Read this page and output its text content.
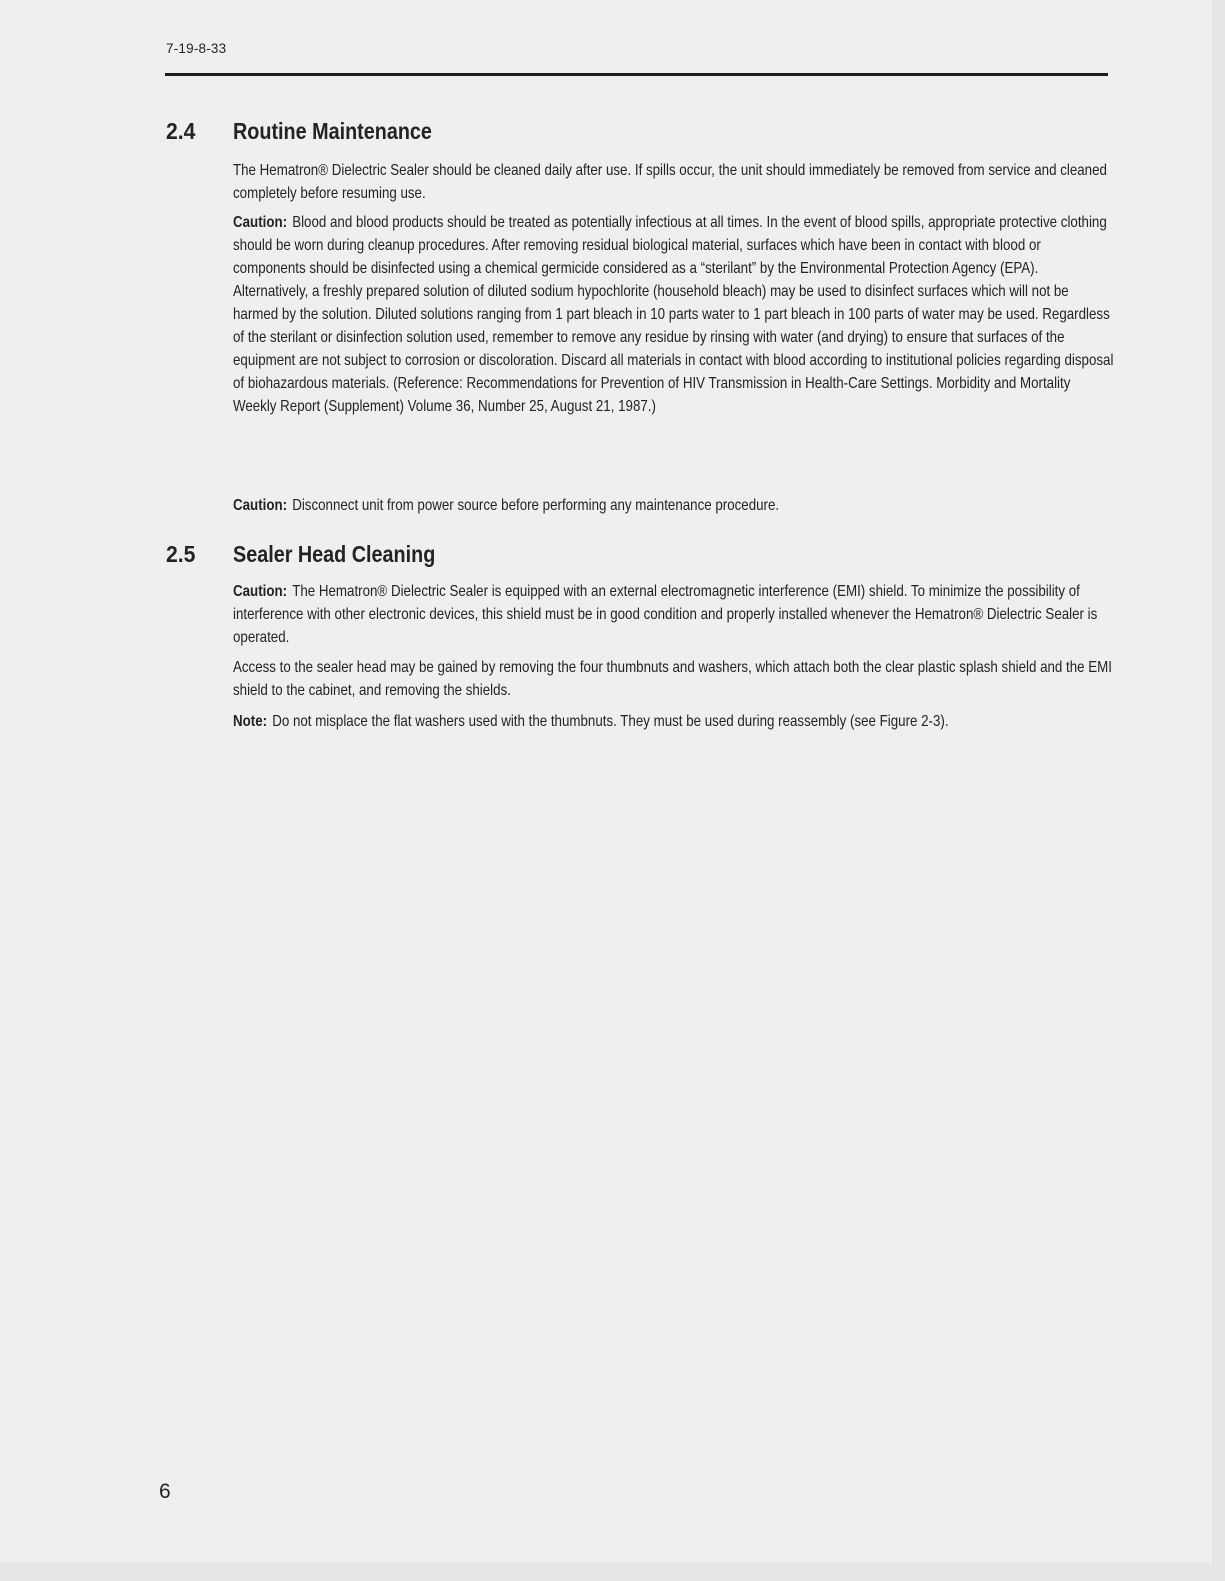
7-19-8-33
2.4 Routine Maintenance

The Hematron® Dielectric Sealer should be cleaned daily after use. If spills occur, the unit should immediately be removed from service and cleaned completely before resuming use.

Caution: Blood and blood products should be treated as potentially infectious at all times. In the event of blood spills, appropriate protective clothing should be worn during cleanup procedures. After removing residual biological material, surfaces which have been in contact with blood or components should be disinfected using a chemical germicide considered as a “sterilant” by the Environmental Protection Agency (EPA). Alternatively, a freshly prepared solution of diluted sodium hypochlorite (household bleach) may be used to disinfect surfaces which will not be harmed by the solution. Diluted solutions ranging from 1 part bleach in 10 parts water to 1 part bleach in 100 parts of water may be used. Regardless of the sterilant or disinfection solution used, remember to remove any residue by rinsing with water (and drying) to ensure that surfaces of the equipment are not subject to corrosion or discoloration. Discard all materials in contact with blood according to institutional policies regarding disposal of biohazardous materials. (Reference: Recommendations for Prevention of HIV Transmission in Health-Care Settings. Morbidity and Mortality Weekly Report (Supplement) Volume 36, Number 25, August 21, 1987.)

Caution: Disconnect unit from power source before performing any maintenance procedure.

2.5 Sealer Head Cleaning

Caution: The Hematron® Dielectric Sealer is equipped with an external electromagnetic interference (EMI) shield. To minimize the possibility of interference with other electronic devices, this shield must be in good condition and properly installed whenever the Hematron® Dielectric Sealer is operated.

Access to the sealer head may be gained by removing the four thumbnuts and washers, which attach both the clear plastic splash shield and the EMI shield to the cabinet, and removing the shields.

Note: Do not misplace the flat washers used with the thumbnuts. They must be used during reassembly (see Figure 2-3).

6
